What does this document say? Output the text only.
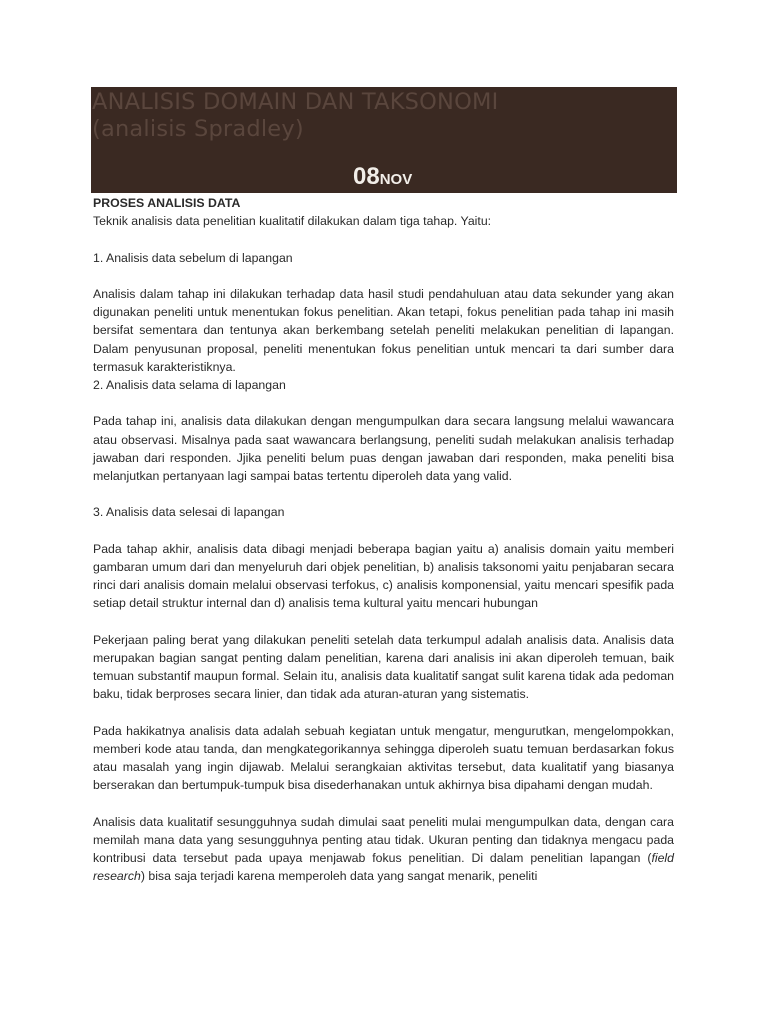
ANALISIS DOMAIN DAN TAKSONOMI
(analisis Spradley)
08NOV

PROSES ANALISIS DATA

Teknik analisis data penelitian kualitatif dilakukan dalam tiga tahap. Yaitu:

1. Analisis data sebelum di lapangan

Analisis dalam tahap ini dilakukan terhadap data hasil studi pendahuluan atau data sekunder yang akan digunakan peneliti untuk menentukan fokus penelitian. Akan tetapi, fokus penelitian pada tahap ini masih bersifat sementara dan tentunya akan berkembang setelah peneliti melakukan penelitian di lapangan. Dalam penyusunan proposal, peneliti menentukan fokus penelitian untuk mencari ta dari sumber dara termasuk karakteristiknya.

2. Analisis data selama di lapangan

Pada tahap ini, analisis data dilakukan dengan mengumpulkan dara secara langsung melalui wawancara atau observasi. Misalnya pada saat wawancara berlangsung, peneliti sudah melakukan analisis terhadap jawaban dari responden. Jjika peneliti belum puas dengan jawaban dari responden, maka peneliti bisa melanjutkan pertanyaan lagi sampai batas tertentu diperoleh data yang valid.

3. Analisis data selesai di lapangan

Pada tahap akhir, analisis data dibagi menjadi beberapa bagian yaitu a) analisis domain yaitu memberi gambaran umum dari dan menyeluruh dari objek penelitian, b) analisis taksonomi yaitu penjabaran secara rinci dari analisis domain melalui observasi terfokus, c) analisis komponensial, yaitu mencari spesifik pada setiap detail struktur internal dan d) analisis tema kultural yaitu mencari hubungan

Pekerjaan paling berat yang dilakukan peneliti setelah data terkumpul adalah analisis data. Analisis data merupakan bagian sangat penting dalam penelitian, karena dari analisis ini akan diperoleh temuan, baik temuan substantif maupun formal. Selain itu, analisis data kualitatif sangat sulit karena tidak ada pedoman baku, tidak berproses secara linier, dan tidak ada aturan-aturan yang sistematis.

Pada hakikatnya analisis data adalah sebuah kegiatan untuk mengatur, mengurutkan, mengelompokkan, memberi kode atau tanda, dan mengkategorikannya sehingga diperoleh suatu temuan berdasarkan fokus atau masalah yang ingin dijawab. Melalui serangkaian aktivitas tersebut, data kualitatif yang biasanya berserakan dan bertumpuk-tumpuk bisa disederhanakan untuk akhirnya bisa dipahami dengan mudah.

Analisis data kualitatif sesungguhnya sudah dimulai saat peneliti mulai mengumpulkan data, dengan cara memilah mana data yang sesungguhnya penting atau tidak. Ukuran penting dan tidaknya mengacu pada kontribusi data tersebut pada upaya menjawab fokus penelitian. Di dalam penelitian lapangan (field research) bisa saja terjadi karena memperoleh data yang sangat menarik, peneliti
